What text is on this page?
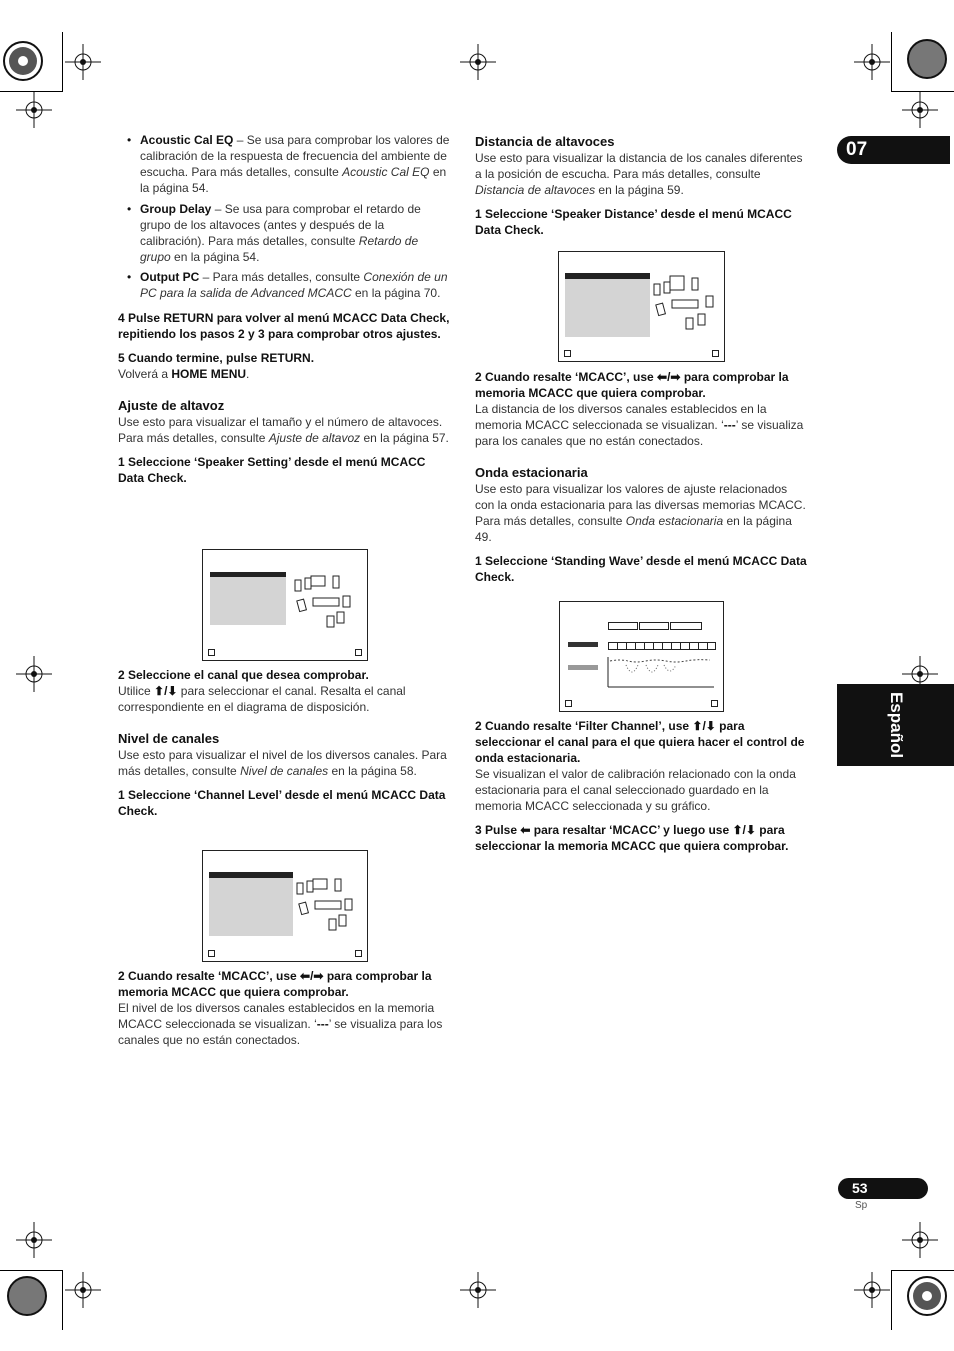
07
Español
53
Sp
• Acoustic Cal EQ – Se usa para comprobar los valores de calibración de la respuesta de frecuencia del ambiente de escucha. Para más detalles, consulte Acoustic Cal EQ en la página 54.
• Group Delay – Se usa para comprobar el retardo de grupo de los altavoces (antes y después de la calibración). Para más detalles, consulte Retardo de grupo en la página 54.
• Output PC – Para más detalles, consulte Conexión de un PC para la salida de Advanced MCACC en la página 70.

4 Pulse RETURN para volver al menú MCACC Data Check, repitiendo los pasos 2 y 3 para comprobar otros ajustes.

5 Cuando termine, pulse RETURN.

Volverá a HOME MENU.

Ajuste de altavoz

Use esto para visualizar el tamaño y el número de altavoces. Para más detalles, consulte Ajuste de altavoz en la página 57.

1 Seleccione ‘Speaker Setting’ desde el menú MCACC Data Check.

2 Seleccione el canal que desea comprobar.

Utilice ⬆/⬇ para seleccionar el canal. Resalta el canal correspondiente en el diagrama de disposición.

Nivel de canales

Use esto para visualizar el nivel de los diversos canales. Para más detalles, consulte Nivel de canales en la página 58.

1 Seleccione ‘Channel Level’ desde el menú MCACC Data Check.

2 Cuando resalte ‘MCACC’, use ⬅/➡ para comprobar la memoria MCACC que quiera comprobar.

El nivel de los diversos canales establecidos en la memoria MCACC seleccionada se visualizan. ‘---’ se visualiza para los canales que no están conectados.

Distancia de altavoces

Use esto para visualizar la distancia de los canales diferentes a la posición de escucha. Para más detalles, consulte Distancia de altavoces en la página 59.

1 Seleccione ‘Speaker Distance’ desde el menú MCACC Data Check.

2 Cuando resalte ‘MCACC’, use ⬅/➡ para comprobar la memoria MCACC que quiera comprobar.

La distancia de los diversos canales establecidos en la memoria MCACC seleccionada se visualizan. ‘---’ se visualiza para los canales que no están conectados.

Onda estacionaria

Use esto para visualizar los valores de ajuste relacionados con la onda estacionaria para las diversas memorias MCACC. Para más detalles, consulte Onda estacionaria en la página 49.

1 Seleccione ‘Standing Wave’ desde el menú MCACC Data Check.

2 Cuando resalte ‘Filter Channel’, use ⬆/⬇ para seleccionar el canal para el que quiera hacer el control de onda estacionaria.

Se visualizan el valor de calibración relacionado con la onda estacionaria para el canal seleccionado guardado en la memoria MCACC seleccionada y su gráfico.

3 Pulse ⬅ para resaltar ‘MCACC’ y luego use ⬆/⬇ para seleccionar la memoria MCACC que quiera comprobar.
